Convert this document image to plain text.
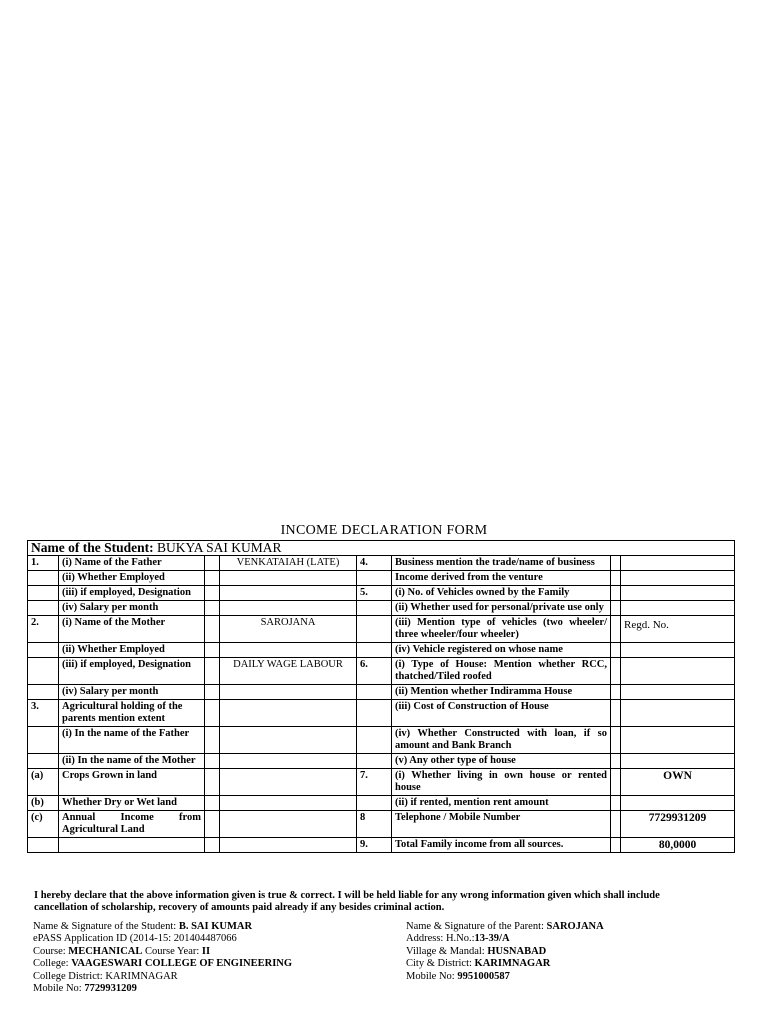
INCOME DECLARATION FORM
Name of the Student: BUKYA SAI KUMAR							
1.	(i) Name of the Father		VENKATAIAH (LATE)	4.	Business mention the trade/name of business		
	(ii) Whether Employed				Income derived from the venture		
	(iii) if employed, Designation			5.	(i) No. of Vehicles owned by the Family		
	(iv) Salary per month				(ii) Whether used for personal/private use only		
2.	(i) Name of the Mother		SAROJANA		(iii) Mention type of vehicles (two wheeler/ three wheeler/four wheeler)		Regd. No.
	(ii) Whether Employed				(iv) Vehicle registered on whose name		
	(iii) if employed, Designation		DAILY WAGE LABOUR	6.	(i) Type of House: Mention whether RCC, thatched/Tiled roofed		
	(iv) Salary per month				(ii) Mention whether Indiramma House		
3.	Agricultural holding of the parents mention extent				(iii) Cost of Construction of House		
	(i) In the name of the Father				(iv) Whether Constructed with loan, if so amount and Bank Branch		
	(ii) In the name of the Mother				(v) Any other type of house		
(a)	Crops Grown in land			7.	(i) Whether living in own house or rented house		OWN
(b)	Whether Dry or Wet land				(ii) if rented, mention rent amount		
(c)	Annual Income from Agricultural Land			8	Telephone / Mobile Number		7729931209
				9.	Total Family income from all sources.		80,0000
I hereby declare that the above information given is true & correct. I will be held liable for any wrong information given which shall include cancellation of scholarship, recovery of amounts paid already if any besides criminal action.
Name & Signature of the Student: B. SAI KUMAR
ePASS Application ID (2014-15: 201404487066
Course: MECHANICAL Course Year: II
College: VAAGESWARI COLLEGE OF ENGINEERING
College District: KARIMNAGAR
Mobile No: 7729931209
Name & Signature of the Parent: SAROJANA
Address: H.No.:13-39/A
Village & Mandal: HUSNABAD
City & District: KARIMNAGAR
Mobile No: 9951000587
